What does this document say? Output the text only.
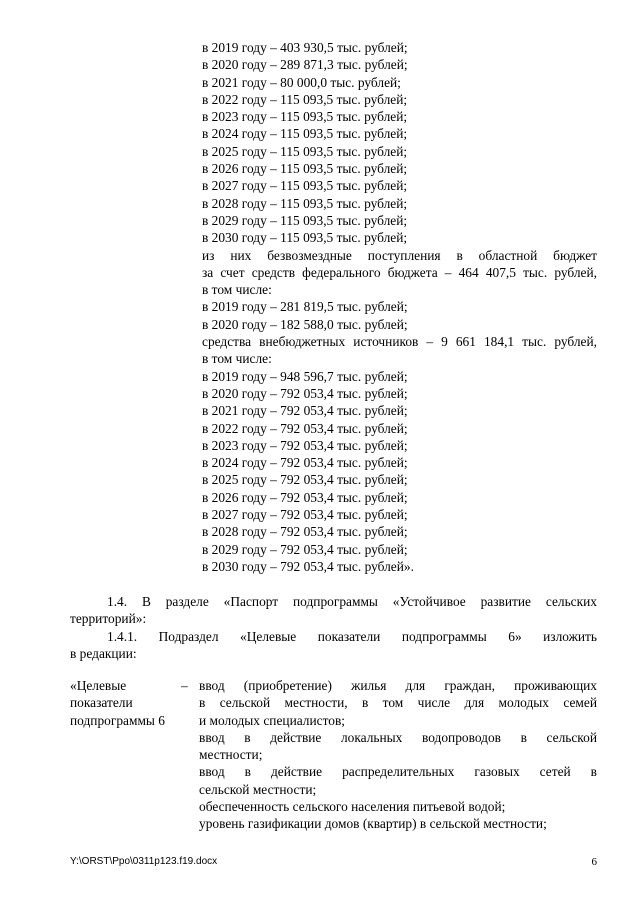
в 2019 году – 403 930,5 тыс. рублей;
в 2020 году – 289 871,3 тыс. рублей;
в 2021 году – 80 000,0 тыс. рублей;
в 2022 году – 115 093,5 тыс. рублей;
в 2023 году – 115 093,5 тыс. рублей;
в 2024 году – 115 093,5 тыс. рублей;
в 2025 году – 115 093,5 тыс. рублей;
в 2026 году – 115 093,5 тыс. рублей;
в 2027 году – 115 093,5 тыс. рублей;
в 2028 году – 115 093,5 тыс. рублей;
в 2029 году – 115 093,5 тыс. рублей;
в 2030 году – 115 093,5 тыс. рублей;
из них безвозмездные поступления в областной бюджет
за счет средств федерального бюджета – 464 407,5 тыс. рублей,
в том числе:
в 2019 году – 281 819,5 тыс. рублей;
в 2020 году – 182 588,0 тыс. рублей;
средства внебюджетных источников – 9 661 184,1 тыс. рублей,
в том числе:
в 2019 году – 948 596,7 тыс. рублей;
в 2020 году – 792 053,4 тыс. рублей;
в 2021 году – 792 053,4 тыс. рублей;
в 2022 году – 792 053,4 тыс. рублей;
в 2023 году – 792 053,4 тыс. рублей;
в 2024 году – 792 053,4 тыс. рублей;
в 2025 году – 792 053,4 тыс. рублей;
в 2026 году – 792 053,4 тыс. рублей;
в 2027 году – 792 053,4 тыс. рублей;
в 2028 году – 792 053,4 тыс. рублей;
в 2029 году – 792 053,4 тыс. рублей;
в 2030 году – 792 053,4 тыс. рублей».
1.4. В разделе «Паспорт подпрограммы «Устойчивое развитие сельских
территорий»:
1.4.1. Подраздел «Целевые показатели подпрограммы 6» изложить
в редакции:
«Целевые
показатели
подпрограммы 6
– ввод (приобретение) жилья для граждан, проживающих
в сельской местности, в том числе для молодых семей
и молодых специалистов;
ввод в действие локальных водопроводов в сельской
местности;
ввод в действие распределительных газовых сетей в
сельской местности;
обеспеченность сельского населения питьевой водой;
уровень газификации домов (квартир) в сельской местности;
Y:\ORST\Ppo\0311p123.f19.docx	6
